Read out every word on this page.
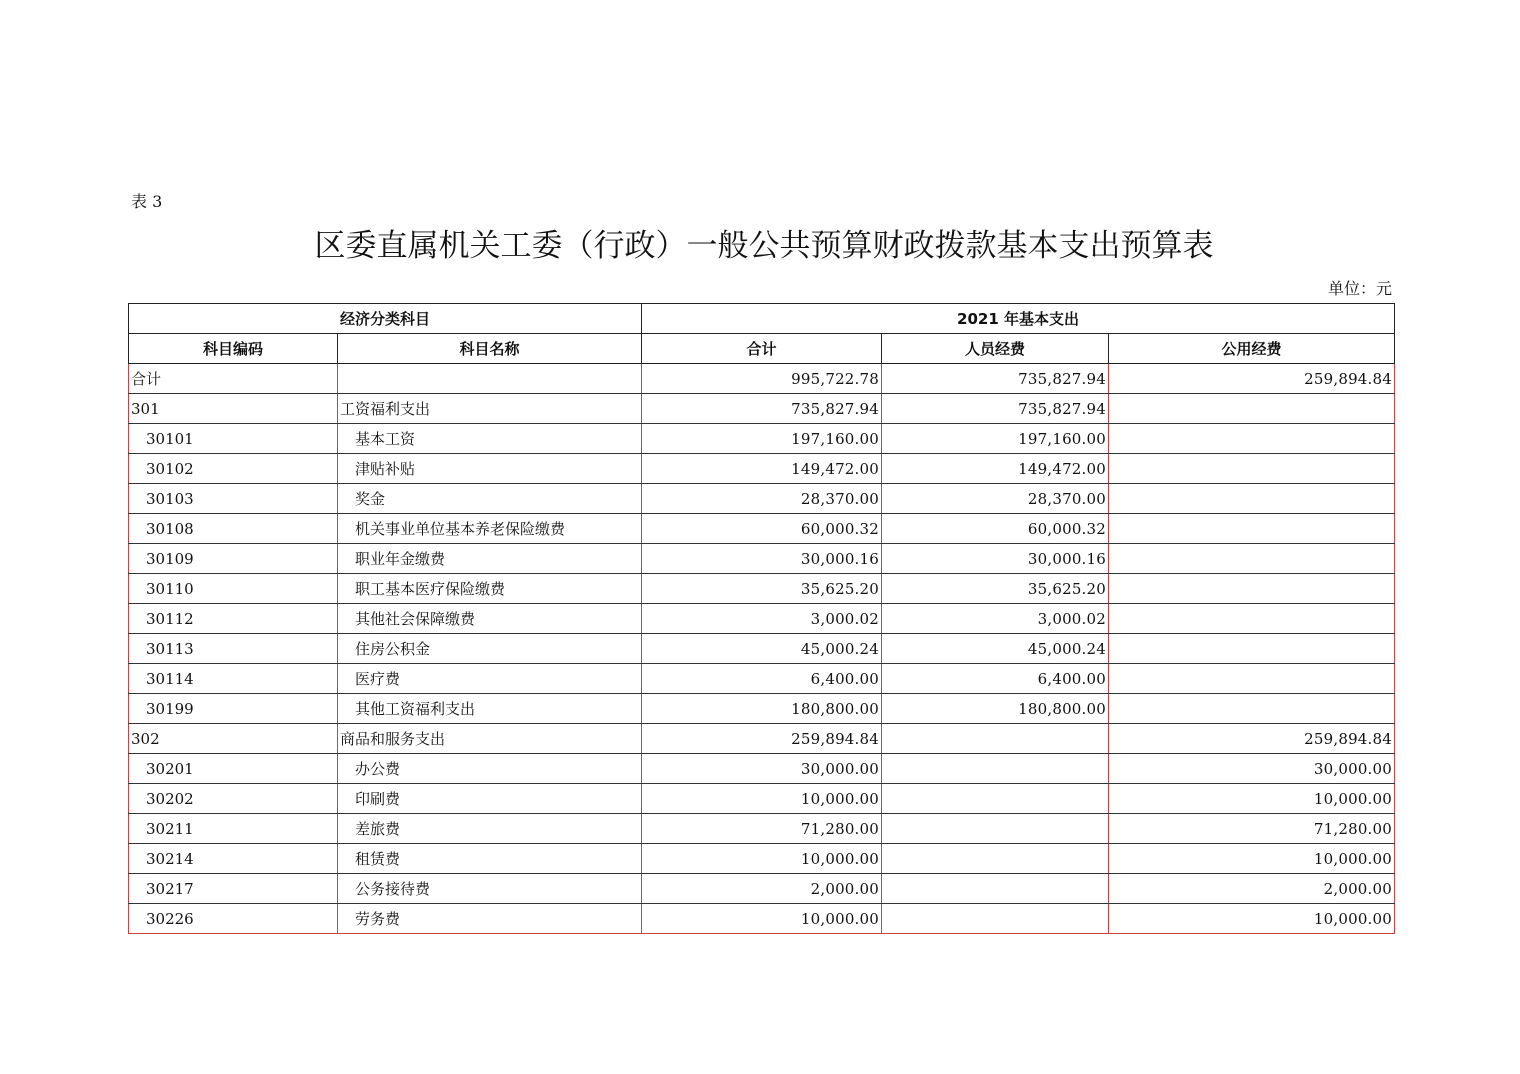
表 3
区委直属机关工委（行政）一般公共预算财政拨款基本支出预算表
单位：元
经济分类科目		2021 年基本支出		
科目编码	科目名称	合计	人员经费	公用经费
合计		995,722.78	735,827.94	259,894.84
301	工资福利支出	735,827.94	735,827.94	
30101	基本工资	197,160.00	197,160.00	
30102	津贴补贴	149,472.00	149,472.00	
30103	奖金	28,370.00	28,370.00	
30108	机关事业单位基本养老保险缴费	60,000.32	60,000.32	
30109	职业年金缴费	30,000.16	30,000.16	
30110	职工基本医疗保险缴费	35,625.20	35,625.20	
30112	其他社会保障缴费	3,000.02	3,000.02	
30113	住房公积金	45,000.24	45,000.24	
30114	医疗费	6,400.00	6,400.00	
30199	其他工资福利支出	180,800.00	180,800.00	
302	商品和服务支出	259,894.84		259,894.84
30201	办公费	30,000.00		30,000.00
30202	印刷费	10,000.00		10,000.00
30211	差旅费	71,280.00		71,280.00
30214	租赁费	10,000.00		10,000.00
30217	公务接待费	2,000.00		2,000.00
30226	劳务费	10,000.00		10,000.00
